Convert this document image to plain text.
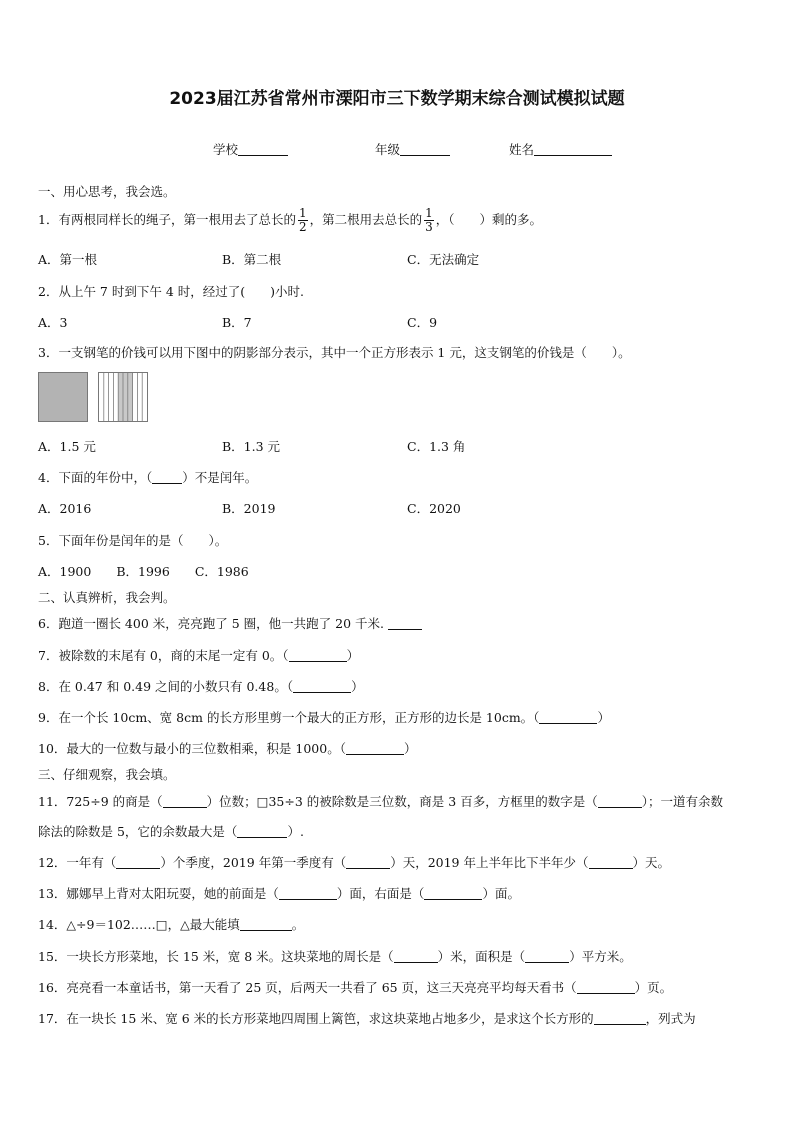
2023届江苏省常州市溧阳市三下数学期末综合测试模拟试题
学校	年级	姓名
一、用心思考，我会选。
1．有两根同样长的绳子，第一根用去了总长的 $\frac{1}{2}$ ，第二根用去总长的 $\frac{1}{3}$ ，（　　）剩的多。
A．第一根	B．第二根	C．无法确定
2．从上午 7 时到下午 4 时，经过了(　　)小时.
A．3	B．7	C．9
3．一支钢笔的价钱可以用下图中的阴影部分表示，其中一个正方形表示 1 元，这支钢笔的价钱是（　　）。
A．1.5 元	B．1.3 元	C．1.3 角
4．下面的年份中，（ ）不是闰年。
A．2016	B．2019	C．2020
5．下面年份是闰年的是（　　）。
A．1900　　B．1996　　C．1986
二、认真辨析，我会判。
6．跑道一圈长 400 米，亮亮跑了 5 圈，他一共跑了 20 千米.
7．被除数的末尾有 0，商的末尾一定有 0。（	）
8．在 0.47 和 0.49 之间的小数只有 0.48。（	）
9．在一个长 10cm、宽 8cm 的长方形里剪一个最大的正方形，正方形的边长是 10cm。（	）
10．最大的一位数与最小的三位数相乘，积是 1000。（	）
三、仔细观察，我会填。
11．725÷9 的商是（	）位数；□35÷3 的被除数是三位数，商是 3 百多，方框里的数字是（	）；一道有余数
除法的除数是 5，它的余数最大是（	）.
12．一年有（	）个季度，2019 年第一季度有（	）天，2019 年上半年比下半年少（	）天。
13．娜娜早上背对太阳玩耍，她的前面是（	）面，右面是（	）面。
14．△÷9＝102……□，△最大能填	。
15．一块长方形菜地，长 15 米，宽 8 米。这块菜地的周长是（	）米，面积是（	）平方米。
16．亮亮看一本童话书，第一天看了 25 页，后两天一共看了 65 页，这三天亮亮平均每天看书（	）页。
17．在一块长 15 米、宽 6 米的长方形菜地四周围上篱笆，求这块菜地占地多少，是求这个长方形的	，列式为
